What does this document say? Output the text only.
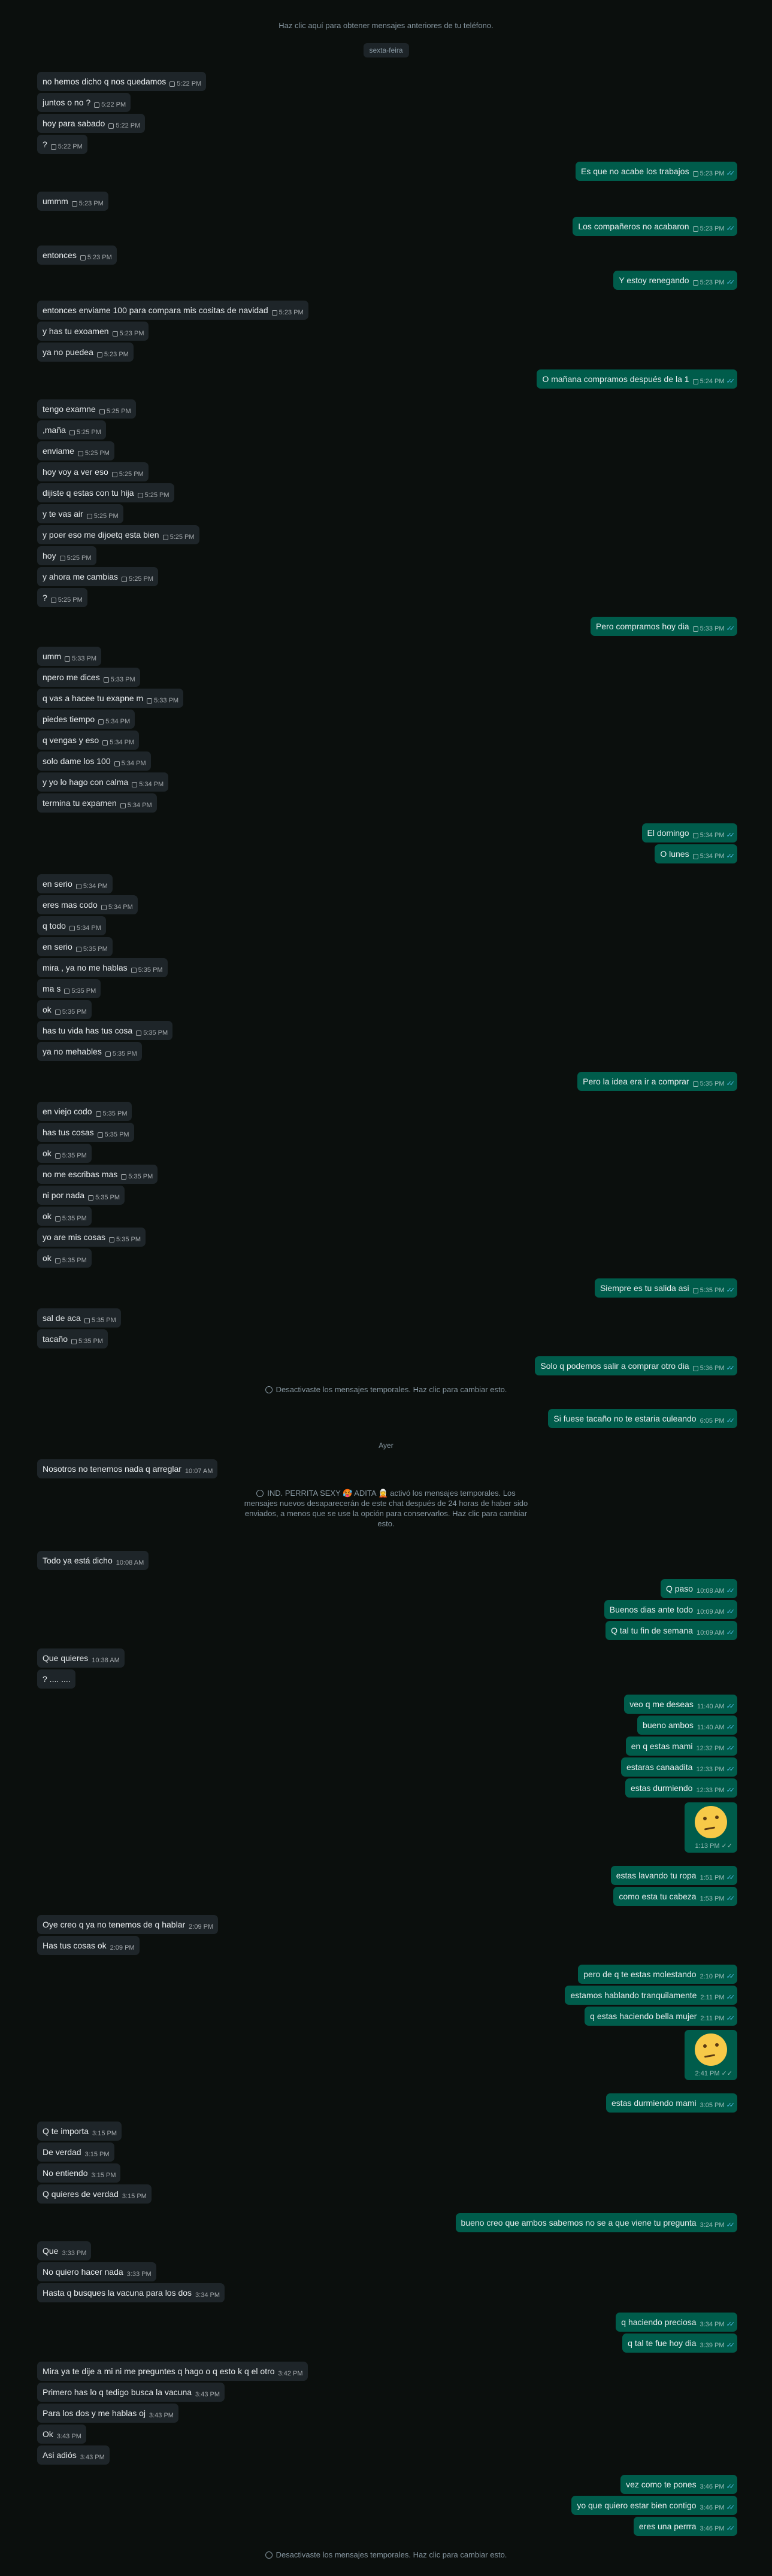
Haz clic aquí para obtener mensajes anteriores de tu teléfono.
sexta-feira
Desactivaste los mensajes temporales. Haz clic para cambiar esto.
Ayer
IND. PERRITA SEXY 🥵 ADITA 🧝 activó los mensajes temporales. Los
mensajes nuevos desaparecerán de este chat después de 24 horas de haber sido
enviados, a menos que se use la opción para conservarlos. Haz clic para cambiar
esto.
Desactivaste los mensajes temporales. Haz clic para cambiar esto.
no hemos dicho q nos quedamos 5:22 PM
juntos o no ? 5:22 PM
hoy para sabado 5:22 PM
? 5:22 PM
Es que no acabe los trabajos 5:23 PM ✓✓
ummm 5:23 PM
Los compañeros no acabaron 5:23 PM ✓✓
entonces 5:23 PM
Y estoy renegando 5:23 PM ✓✓
entonces enviame 100 para compara mis cositas de navidad 5:23 PM
y has tu exoamen 5:23 PM
ya no puedea 5:23 PM
O mañana compramos después de la 1 5:24 PM ✓✓
tengo examne 5:25 PM
,maña 5:25 PM
enviame 5:25 PM
hoy voy a ver eso 5:25 PM
dijiste q estas con tu hija 5:25 PM
y te vas air 5:25 PM
y poer eso me dijoetq esta bien 5:25 PM
hoy 5:25 PM
y ahora me cambias 5:25 PM
? 5:25 PM
Pero compramos hoy dia 5:33 PM ✓✓
umm 5:33 PM
npero me dices 5:33 PM
q vas a hacee tu exapne m 5:33 PM
piedes tiempo 5:34 PM
q vengas y eso 5:34 PM
solo dame los 100 5:34 PM
y yo lo hago con calma 5:34 PM
termina tu expamen 5:34 PM
El domingo 5:34 PM ✓✓
O lunes 5:34 PM ✓✓
en serio 5:34 PM
eres mas codo 5:34 PM
q todo 5:34 PM
en serio 5:35 PM
mira , ya no me hablas 5:35 PM
ma s 5:35 PM
ok 5:35 PM
has tu vida has tus cosa 5:35 PM
ya no mehables 5:35 PM
Pero la idea era ir a comprar 5:35 PM ✓✓
en viejo codo 5:35 PM
has tus cosas 5:35 PM
ok 5:35 PM
no me escribas mas 5:35 PM
ni por nada 5:35 PM
ok 5:35 PM
yo are mis cosas 5:35 PM
ok 5:35 PM
Siempre es tu salida asi 5:35 PM ✓✓
sal de aca 5:35 PM
tacaño 5:35 PM
Solo q podemos salir a comprar otro dia 5:36 PM ✓✓
Si fuese tacaño no te estaria culeando 6:05 PM ✓✓
Nosotros no tenemos nada q arreglar 10:07 AM
Todo ya está dicho 10:08 AM
Q paso 10:08 AM ✓✓
Buenos dias ante todo 10:09 AM ✓✓
Q tal tu fin de semana 10:09 AM ✓✓
Que quieres 10:38 AM
? .... ....
veo q me deseas 11:40 AM ✓✓
bueno ambos 11:40 AM ✓✓
en q estas mami 12:32 PM ✓✓
estaras canaadita 12:33 PM ✓✓
estas durmiendo 12:33 PM ✓✓
estas lavando tu ropa 1:51 PM ✓✓
como esta tu cabeza 1:53 PM ✓✓
Oye creo q ya no tenemos de q hablar 2:09 PM
Has tus cosas ok 2:09 PM
pero de q te estas molestando 2:10 PM ✓✓
estamos hablando tranquilamente 2:11 PM ✓✓
q estas haciendo bella mujer 2:11 PM ✓✓
estas durmiendo mami 3:05 PM ✓✓
Q te importa 3:15 PM
De verdad 3:15 PM
No entiendo 3:15 PM
Q quieres de verdad 3:15 PM
bueno creo que ambos sabemos no se a que viene tu pregunta 3:24 PM ✓✓
Que 3:33 PM
No quiero hacer nada 3:33 PM
Hasta q busques la vacuna para los dos 3:34 PM
q haciendo preciosa 3:34 PM ✓✓
q tal te fue hoy dia 3:39 PM ✓✓
Mira ya te dije a mi ni me preguntes q hago o q esto k q el otro 3:42 PM
Primero has lo q tedigo busca la vacuna 3:43 PM
Para los dos y me hablas oj 3:43 PM
Ok 3:43 PM
Asi adiós 3:43 PM
vez como te pones 3:46 PM ✓✓
yo que quiero estar bien contigo 3:46 PM ✓✓
eres una perrra 3:46 PM ✓✓
1:13 PM ✓✓
2:41 PM ✓✓
